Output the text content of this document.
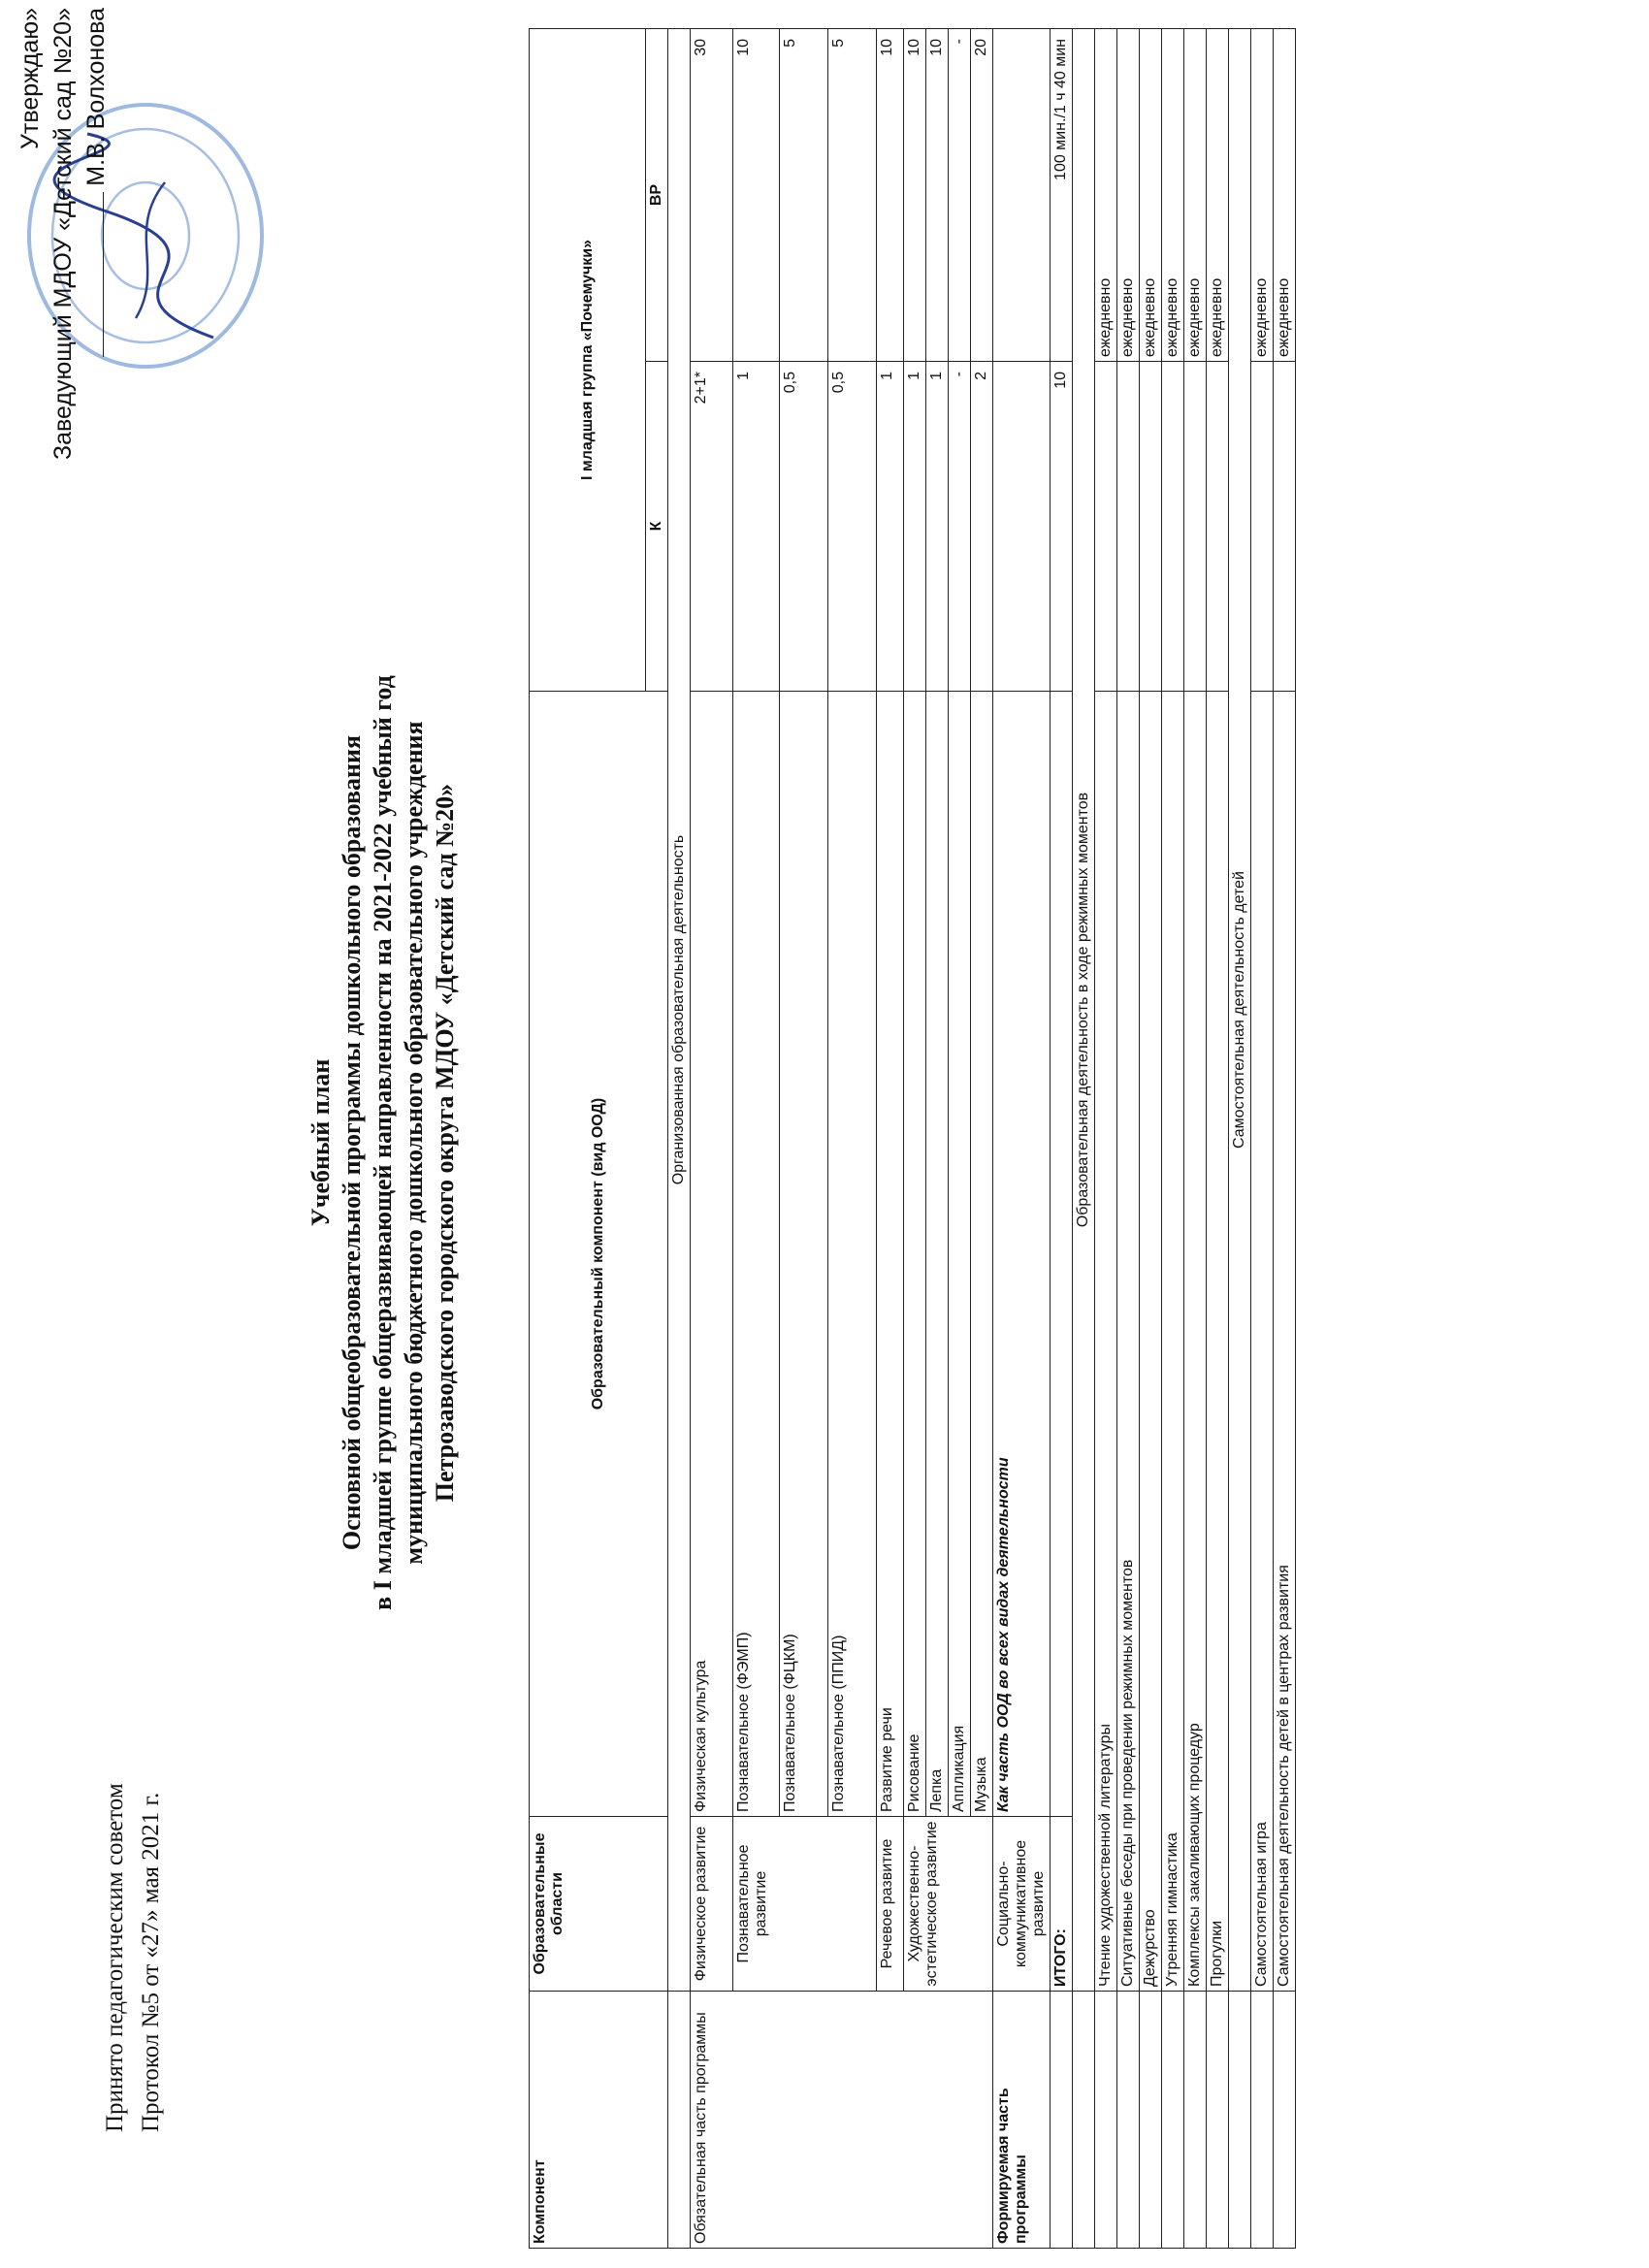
Принято педагогическим советом Протокол №5 от «27» мая 2021 г.
Утверждаю» Заведующий МДОУ «Детский сад №20» М.В. Волхонова
Учебный план Основной общеобразовательной программы дошкольного образования в I младшей группе общеразвивающей направленности на 2021-2022 учебный год муниципального бюджетного дошкольного образовательного учреждения Петрозаводского городского округа МДОУ «Детский сад №20»
Компонент	Образовательные области	Образовательный компонент (вид ООД)	I младшая группа «Почемучки»	
			К	ВР
	Организованная образовательная деятельность			
Обязательная часть программы	Физическое развитие	Физическая культура	2+1*	30
	Познавательное развитие	Познавательное (ФЭМП)	1	10
		Познавательное (ФЦКМ)	0,5	5
		Познавательное (ППИД)	0,5	5
	Речевое развитие	Развитие речи	1	10
	Художественно-эстетическое развитие	Рисование	1	10
		Лепка	1	10
		Аппликация	-	-
		Музыка	2	20
Формируемая часть программы	Социально-коммуникативное развитие	Как часть ООД во всех видах деятельности		
	ИТОГО:		10	100 мин./1 ч 40 мин
	Образовательная деятельность в ходе режимных моментов			
	Чтение художественной литературы			ежедневно
	Ситуативные беседы при проведении режимных моментов			ежедневно
	Дежурство			ежедневно
	Утренняя гимнастика			ежедневно
	Комплексы закаливающих процедур			ежедневно
	Прогулки			ежедневно
	Самостоятельная деятельность детей			
	Самостоятельная игра			ежедневно
	Самостоятельная деятельность детей в центрах развития			ежедневно
